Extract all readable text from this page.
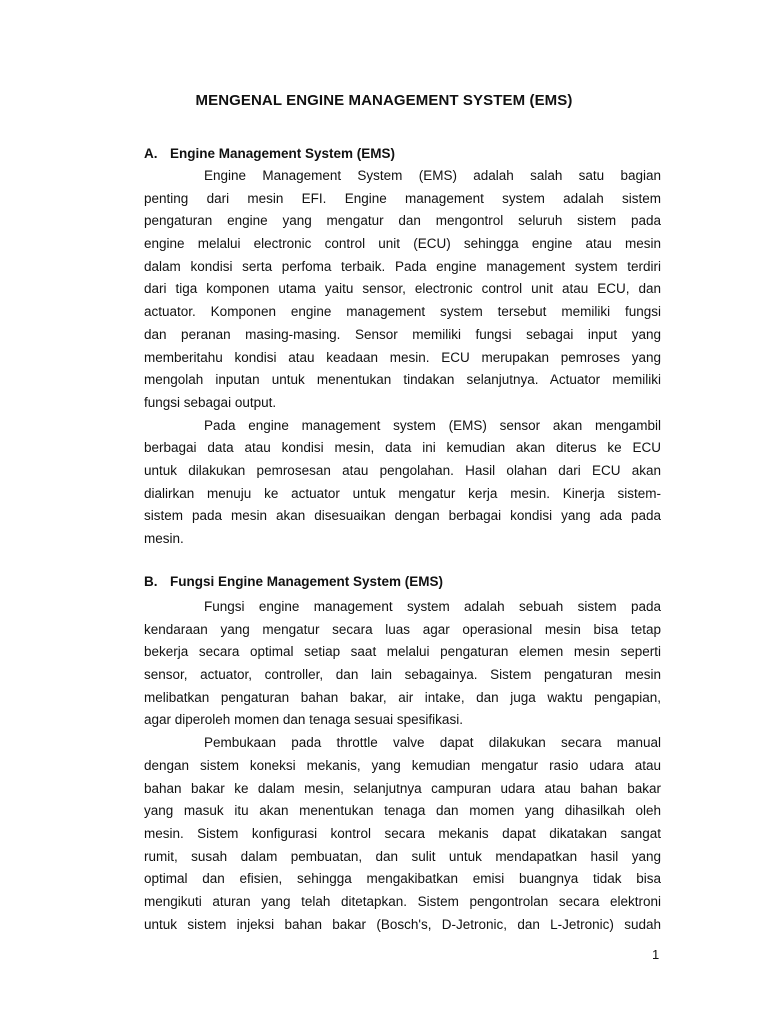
MENGENAL ENGINE MANAGEMENT SYSTEM (EMS)
A. Engine Management System (EMS)
Engine Management System (EMS) adalah salah satu bagian
penting dari mesin EFI. Engine management system adalah sistem
pengaturan engine yang mengatur dan mengontrol seluruh sistem pada
engine melalui electronic control unit (ECU) sehingga engine atau mesin
dalam kondisi serta perfoma terbaik. Pada engine management system terdiri
dari tiga komponen utama yaitu sensor, electronic control unit atau ECU, dan
actuator. Komponen engine management system tersebut memiliki fungsi
dan peranan masing-masing. Sensor memiliki fungsi sebagai input yang
memberitahu kondisi atau keadaan mesin. ECU merupakan pemroses yang
mengolah inputan untuk menentukan tindakan selanjutnya. Actuator memiliki
fungsi sebagai output.
Pada engine management system (EMS) sensor akan mengambil
berbagai data atau kondisi mesin, data ini kemudian akan diterus ke ECU
untuk dilakukan pemrosesan atau pengolahan. Hasil olahan dari ECU akan
dialirkan menuju ke actuator untuk mengatur kerja mesin. Kinerja sistem-
sistem pada mesin akan disesuaikan dengan berbagai kondisi yang ada pada
mesin.
B. Fungsi Engine Management System (EMS)
Fungsi engine management system adalah sebuah sistem pada
kendaraan yang mengatur secara luas agar operasional mesin bisa tetap
bekerja secara optimal setiap saat melalui pengaturan elemen mesin seperti
sensor, actuator, controller, dan lain sebagainya. Sistem pengaturan mesin
melibatkan pengaturan bahan bakar, air intake, dan juga waktu pengapian,
agar diperoleh momen dan tenaga sesuai spesifikasi.
Pembukaan pada throttle valve dapat dilakukan secara manual
dengan sistem koneksi mekanis, yang kemudian mengatur rasio udara atau
bahan bakar ke dalam mesin, selanjutnya campuran udara atau bahan bakar
yang masuk itu akan menentukan tenaga dan momen yang dihasilkah oleh
mesin. Sistem konfigurasi kontrol secara mekanis dapat dikatakan sangat
rumit, susah dalam pembuatan, dan sulit untuk mendapatkan hasil yang
optimal dan efisien, sehingga mengakibatkan emisi buangnya tidak bisa
mengikuti aturan yang telah ditetapkan. Sistem pengontrolan secara elektroni
untuk sistem injeksi bahan bakar (Bosch's, D-Jetronic, dan L-Jetronic) sudah

1
